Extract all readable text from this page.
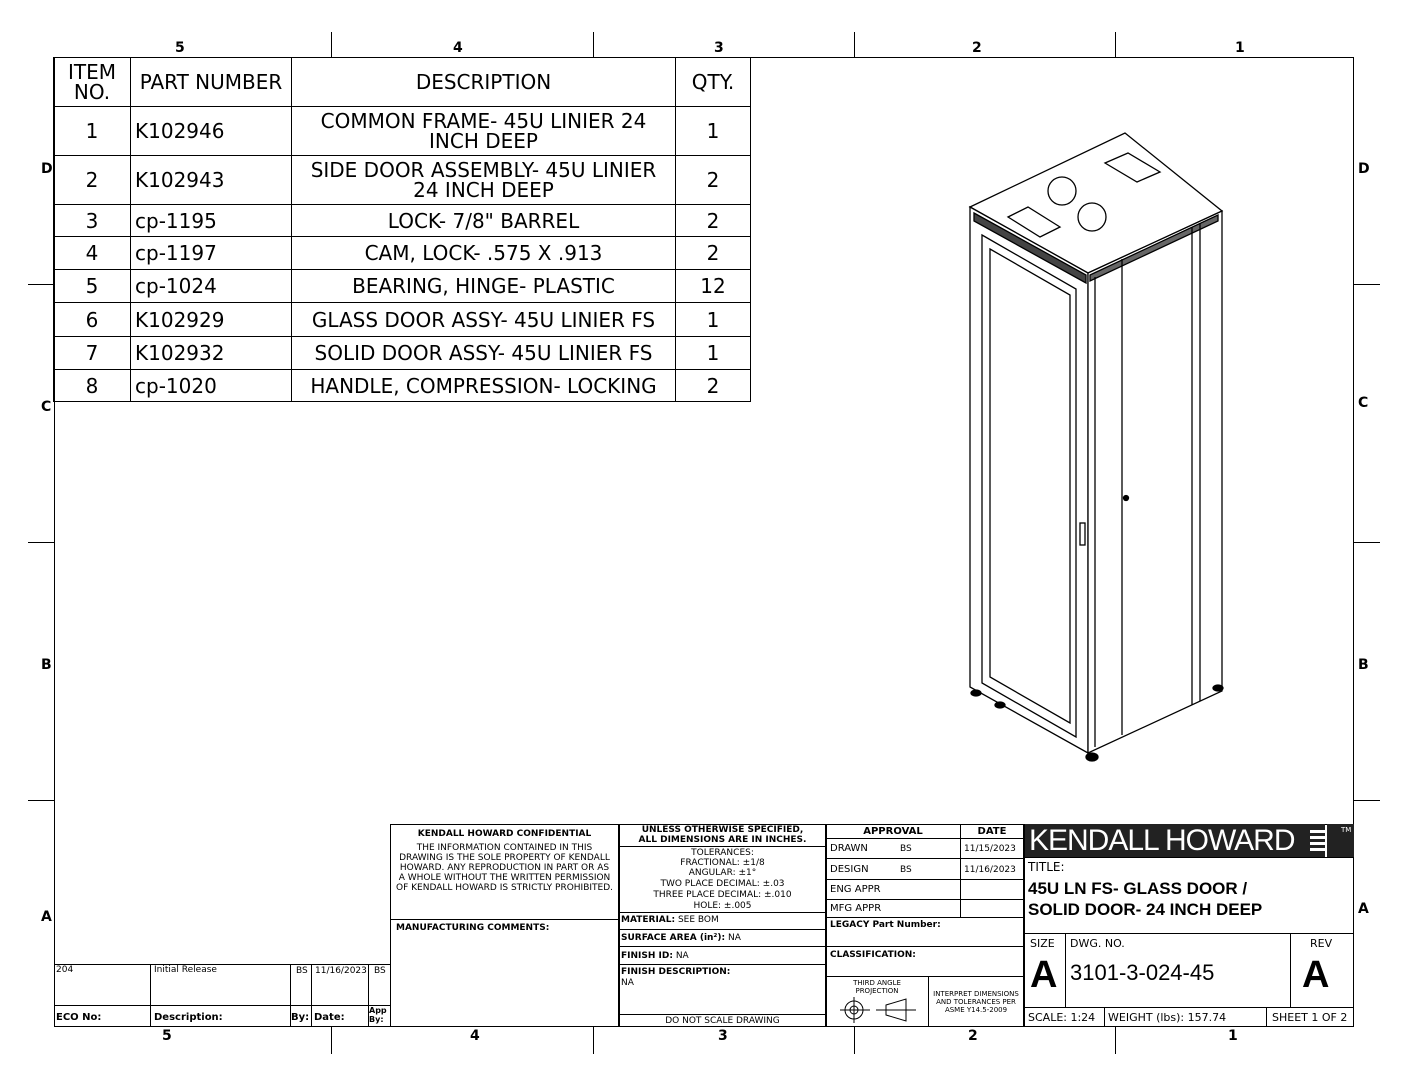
5	4	3	2	1
5	4	3	2	1
D
C
B
A
D
C
B
A
ITEM NO.	PART NUMBER	DESCRIPTION	QTY.
1	K102946	COMMON FRAME- 45U LINIER 24 INCH DEEP	1
2	K102943	SIDE DOOR ASSEMBLY- 45U LINIER 24 INCH DEEP	2
3	cp-1195	LOCK- 7/8" BARREL	2
4	cp-1197	CAM, LOCK- .575 X .913	2
5	cp-1024	BEARING, HINGE- PLASTIC	12
6	K102929	GLASS DOOR ASSY- 45U LINIER FS	1
7	K102932	SOLID DOOR ASSY- 45U LINIER FS	1
8	cp-1020	HANDLE, COMPRESSION- LOCKING	2
KENDALL HOWARD CONFIDENTIAL
THE INFORMATION CONTAINED IN THIS DRAWING IS THE SOLE PROPERTY OF KENDALL HOWARD. ANY REPRODUCTION IN PART OR AS A WHOLE WITHOUT THE WRITTEN PERMISSION OF KENDALL HOWARD IS STRICTLY PROHIBITED.
MANUFACTURING COMMENTS:
UNLESS OTHERWISE SPECIFIED,
ALL DIMENSIONS ARE IN INCHES.
TOLERANCES:
FRACTIONAL: ±1/8
ANGULAR: ±1°
TWO PLACE DECIMAL: ±.03
THREE PLACE DECIMAL: ±.010
HOLE: ±.005
MATERIAL: SEE BOM
SURFACE AREA (in²): NA
FINISH ID: NA
FINISH DESCRIPTION:
NA
DO NOT SCALE DRAWING
APPROVAL	DATE
DRAWN	BS	11/15/2023
DESIGN	BS	11/16/2023
ENG APPR
MFG APPR
LEGACY Part Number:
CLASSIFICATION:
THIRD ANGLE PROJECTION	INTERPRET DIMENSIONS AND TOLERANCES PER ASME Y14.5-2009
KENDALL HOWARD	TM
TITLE:
45U LN FS- GLASS DOOR /
SOLID DOOR- 24 INCH DEEP
SIZE
A
DWG. NO.
3101-3-024-45
REV
A
SCALE: 1:24 WEIGHT (lbs): 157.74	SHEET 1 OF 2
204	Initial Release	BS 11/16/2023 BS
ECO No:	Description:	By: Date:
App By:
